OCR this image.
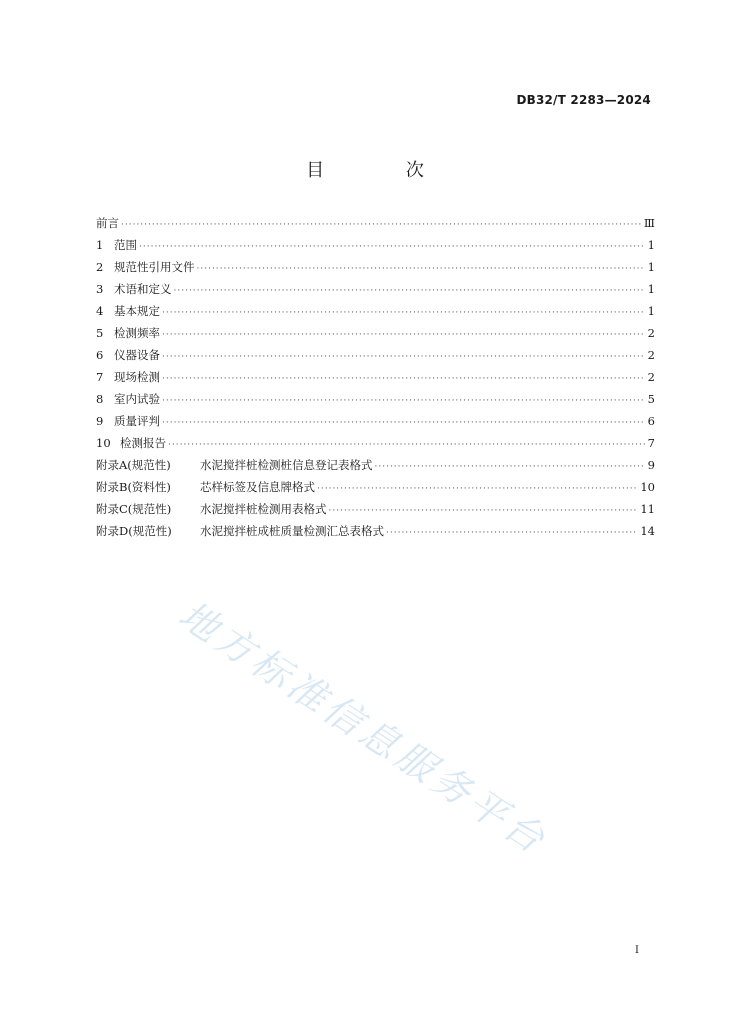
DB32/T 2283—2024
目 次
前言 ·····	Ⅲ
1 范围 ·····	1
2 规范性引用文件 ·····	1
3 术语和定义 ·····	1
4 基本规定 ·····	1
5 检测频率 ·····	2
6 仪器设备 ·····	2
7 现场检测 ·····	2
8 室内试验 ·····	5
9 质量评判 ·····	6
10 检测报告 ·····	7
附录A(规范性)	水泥搅拌桩检测桩信息登记表格式 ·····	9
附录B(资料性)	芯样标签及信息牌格式 ·····	10
附录C(规范性)	水泥搅拌桩检测用表格式 ·····	11
附录D(规范性)	水泥搅拌桩成桩质量检测汇总表格式 ·····	14
地方标准信息服务平台
I
